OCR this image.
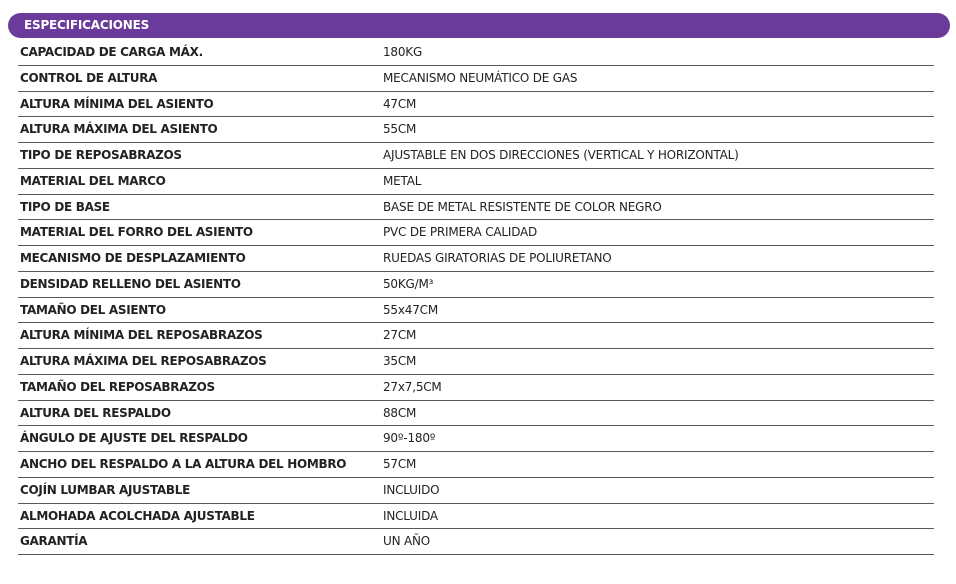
ESPECIFICACIONES
CAPACIDAD DE CARGA MÁX.	180KG
CONTROL DE ALTURA	MECANISMO NEUMÁTICO DE GAS
ALTURA MÍNIMA DEL ASIENTO	47CM
ALTURA MÁXIMA DEL ASIENTO	55CM
TIPO DE REPOSABRAZOS	AJUSTABLE EN DOS DIRECCIONES (VERTICAL Y HORIZONTAL)
MATERIAL DEL MARCO	METAL
TIPO DE BASE	BASE DE METAL RESISTENTE DE COLOR NEGRO
MATERIAL DEL FORRO DEL ASIENTO	PVC DE PRIMERA CALIDAD
MECANISMO DE DESPLAZAMIENTO	RUEDAS GIRATORIAS DE POLIURETANO
DENSIDAD RELLENO DEL ASIENTO	50KG/M³
TAMAÑO DEL ASIENTO	55x47CM
ALTURA MÍNIMA DEL REPOSABRAZOS	27CM
ALTURA MÁXIMA DEL REPOSABRAZOS	35CM
TAMAÑO DEL REPOSABRAZOS	27x7,5CM
ALTURA DEL RESPALDO	88CM
ÁNGULO DE AJUSTE DEL RESPALDO	90º-180º
ANCHO DEL RESPALDO A LA ALTURA DEL HOMBRO	57CM
COJÍN LUMBAR AJUSTABLE	INCLUIDO
ALMOHADA ACOLCHADA AJUSTABLE	INCLUIDA
GARANTÍA	UN AÑO
